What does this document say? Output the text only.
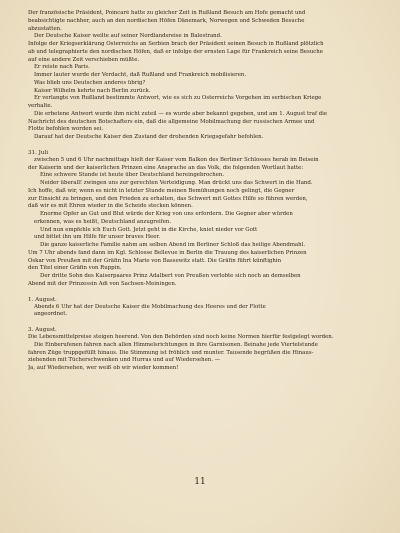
Der französische Präsident, Poincaré hatte zu gleicher Zeit in Rußland Besuch am Hofe gemacht und
beabsichtigte nachher, auch an den nordischen Höfen Dänemark, Norwegen und Schweden Besuche
abzustatten.
Der Deutsche Kaiser weilte auf seiner Nordlandsreise in Balestrand.
Infolge der Kriegserklärung Österreichs an Serbien brach der Präsident seinen Besuch in Rußland plötzlich
ab und telegraphierte den nordischen Höfen, daß er infolge der ernsten Lage für Frankreich seine Besuche
auf eine andere Zeit verschieben müßte.
Er reiste nach Paris.
Immer lauter wurde der Verdacht, daß Rußland und Frankreich mobilisieren.
Was blieb uns Deutschen anderes übrig?
Kaiser Wilhelm kehrte nach Berlin zurück.
Er verlangte von Rußland bestimmte Antwort, wie es sich zu Österreichs Vorgehen im serbischen Kriege
verhalte.
Die erbetene Antwort wurde ihm nicht zuteil — es wurde aber bekannt gegeben, und am 1. August traf die
Nachricht des deutschen Botschafters ein, daß die allgemeine Mobilmachung der russischen Armee und
Flotte befohlen worden sei.
Darauf hat der Deutsche Kaiser den Zustand der drohenden Kriegsgefahr befohlen.
31. Juli
zwischen 5 und 6 Uhr nachmittags hielt der Kaiser vom Balkon des Berliner Schlosses herab im Beisein
der Kaiserin und der kaiserlichen Prinzen eine Ansprache an das Volk, die folgenden Wortlaut hatte:
Eine schwere Stunde ist heute über Deutschland hereingebrochen.
Neider überall! zwingen uns zur gerechten Verteidigung. Man drückt uns das Schwert in die Hand.
Ich hoffe, daß wir, wenn es nicht in letzter Stunde meinen Bemühungen noch gelingt, die Gegner
zur Einsicht zu bringen, und den Frieden zu erhalten, das Schwert mit Gottes Hilfe so führen werden,
daß wir es mit Ehren wieder in die Scheide stecken können.
Enorme Opfer an Gut und Blut würde der Krieg von uns erfordern. Die Gegner aber würden
erkennen, was es heißt, Deutschland anzugreifen.
Und nun empfehle ich Euch Gott. Jetzt geht in die Kirche, kniet nieder vor Gott
und bittet ihn um Hilfe für unser braves Heer.
Die ganze kaiserliche Familie nahm am selben Abend im Berliner Schloß das heilige Abendmahl.
Um 7 Uhr abends fand dann im Kgl. Schlosse Bellevue in Berlin die Trauung des kaiserlichen Prinzen
Oskar von Preußen mit der Gräfin Ina Marie von Bassewitz statt. Die Gräfin führt künftighin
den Titel einer Gräfin von Ruppin.
Der dritte Sohn des Kaiserpaares Prinz Adalbert von Preußen verlobte sich noch an demselben
Abend mit der Prinzessin Adi von Sachsen-Meiningen.
1. August.
Abends 6 Uhr hat der Deutsche Kaiser die Mobilmachung des Heeres und der Flotte
angeordnet.
3. August.
Die Lebensmittelpreise steigen heerend. Von den Behörden sind noch keine Normen hierfür festgelegt worden.
Die Einberufenen fahren nach allen Himmelsrichtungen in ihre Garnisonen. Beinahe jede Viertelstunde
fahren Züge truppgefüllt hinaus. Die Stimmung ist fröhlich und munter. Tausende begrüßen die Hinaus-
ziehenden mit Tücherschwenken und Hurras und auf Wiedersehen. —
Ja, auf Wiedersehen, wer weiß ob wir wieder kommen!
11
